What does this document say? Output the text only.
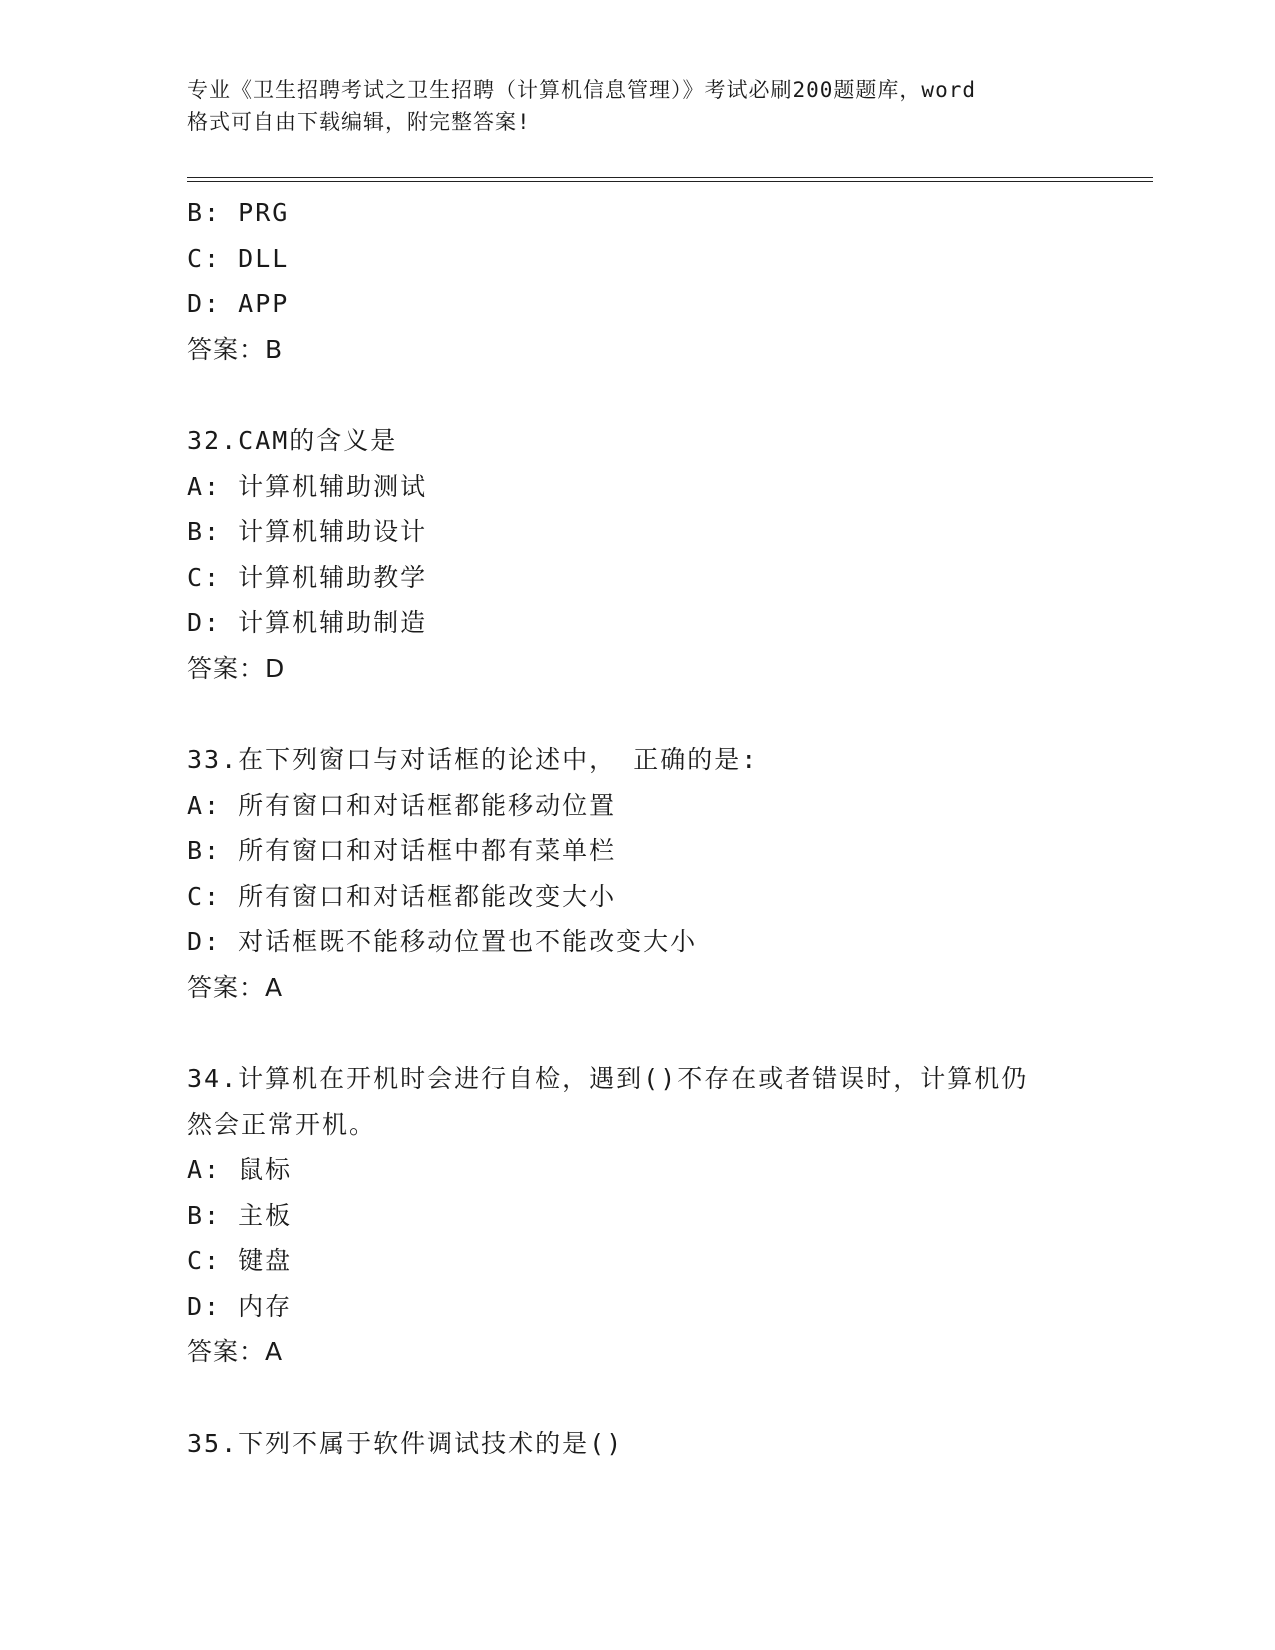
专业《卫生招聘考试之卫生招聘（计算机信息管理）》考试必刷200题题库，word
格式可自由下载编辑，附完整答案!
B: PRG
C: DLL
D: APP
答案：B
32.CAM的含义是
A: 计算机辅助测试
B: 计算机辅助设计
C: 计算机辅助教学
D: 计算机辅助制造
答案：D
33.在下列窗口与对话框的论述中， 正确的是:
A: 所有窗口和对话框都能移动位置
B: 所有窗口和对话框中都有菜单栏
C: 所有窗口和对话框都能改变大小
D: 对话框既不能移动位置也不能改变大小
答案：A
34.计算机在开机时会进行自检，遇到()不存在或者错误时，计算机仍
然会正常开机。
A: 鼠标
B: 主板
C: 键盘
D: 内存
答案：A
35.下列不属于软件调试技术的是()
